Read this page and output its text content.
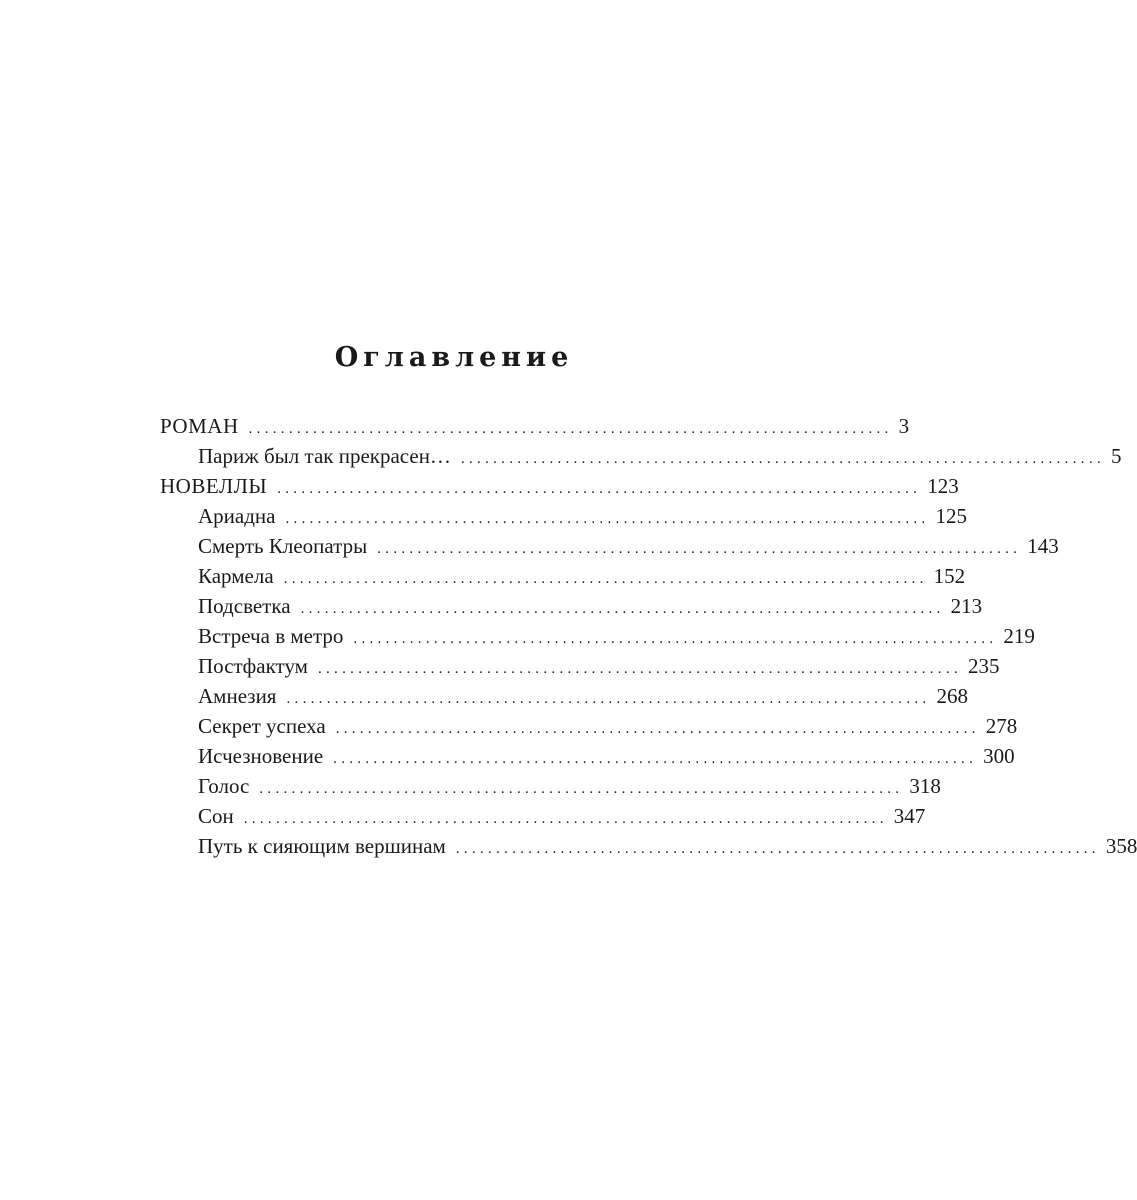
Оглавление
РОМАН ................................................................................ 3
Париж был так прекрасен… ................................................................................ 5
НОВЕЛЛЫ ................................................................................ 123
Ариадна ................................................................................ 125
Смерть Клеопатры ................................................................................ 143
Кармела ................................................................................ 152
Подсветка ................................................................................ 213
Встреча в метро ................................................................................ 219
Постфактум ................................................................................ 235
Амнезия ................................................................................ 268
Секрет успеха ................................................................................ 278
Исчезновение ................................................................................ 300
Голос ................................................................................ 318
Сон ................................................................................ 347
Путь к сияющим вершинам ................................................................................ 358
